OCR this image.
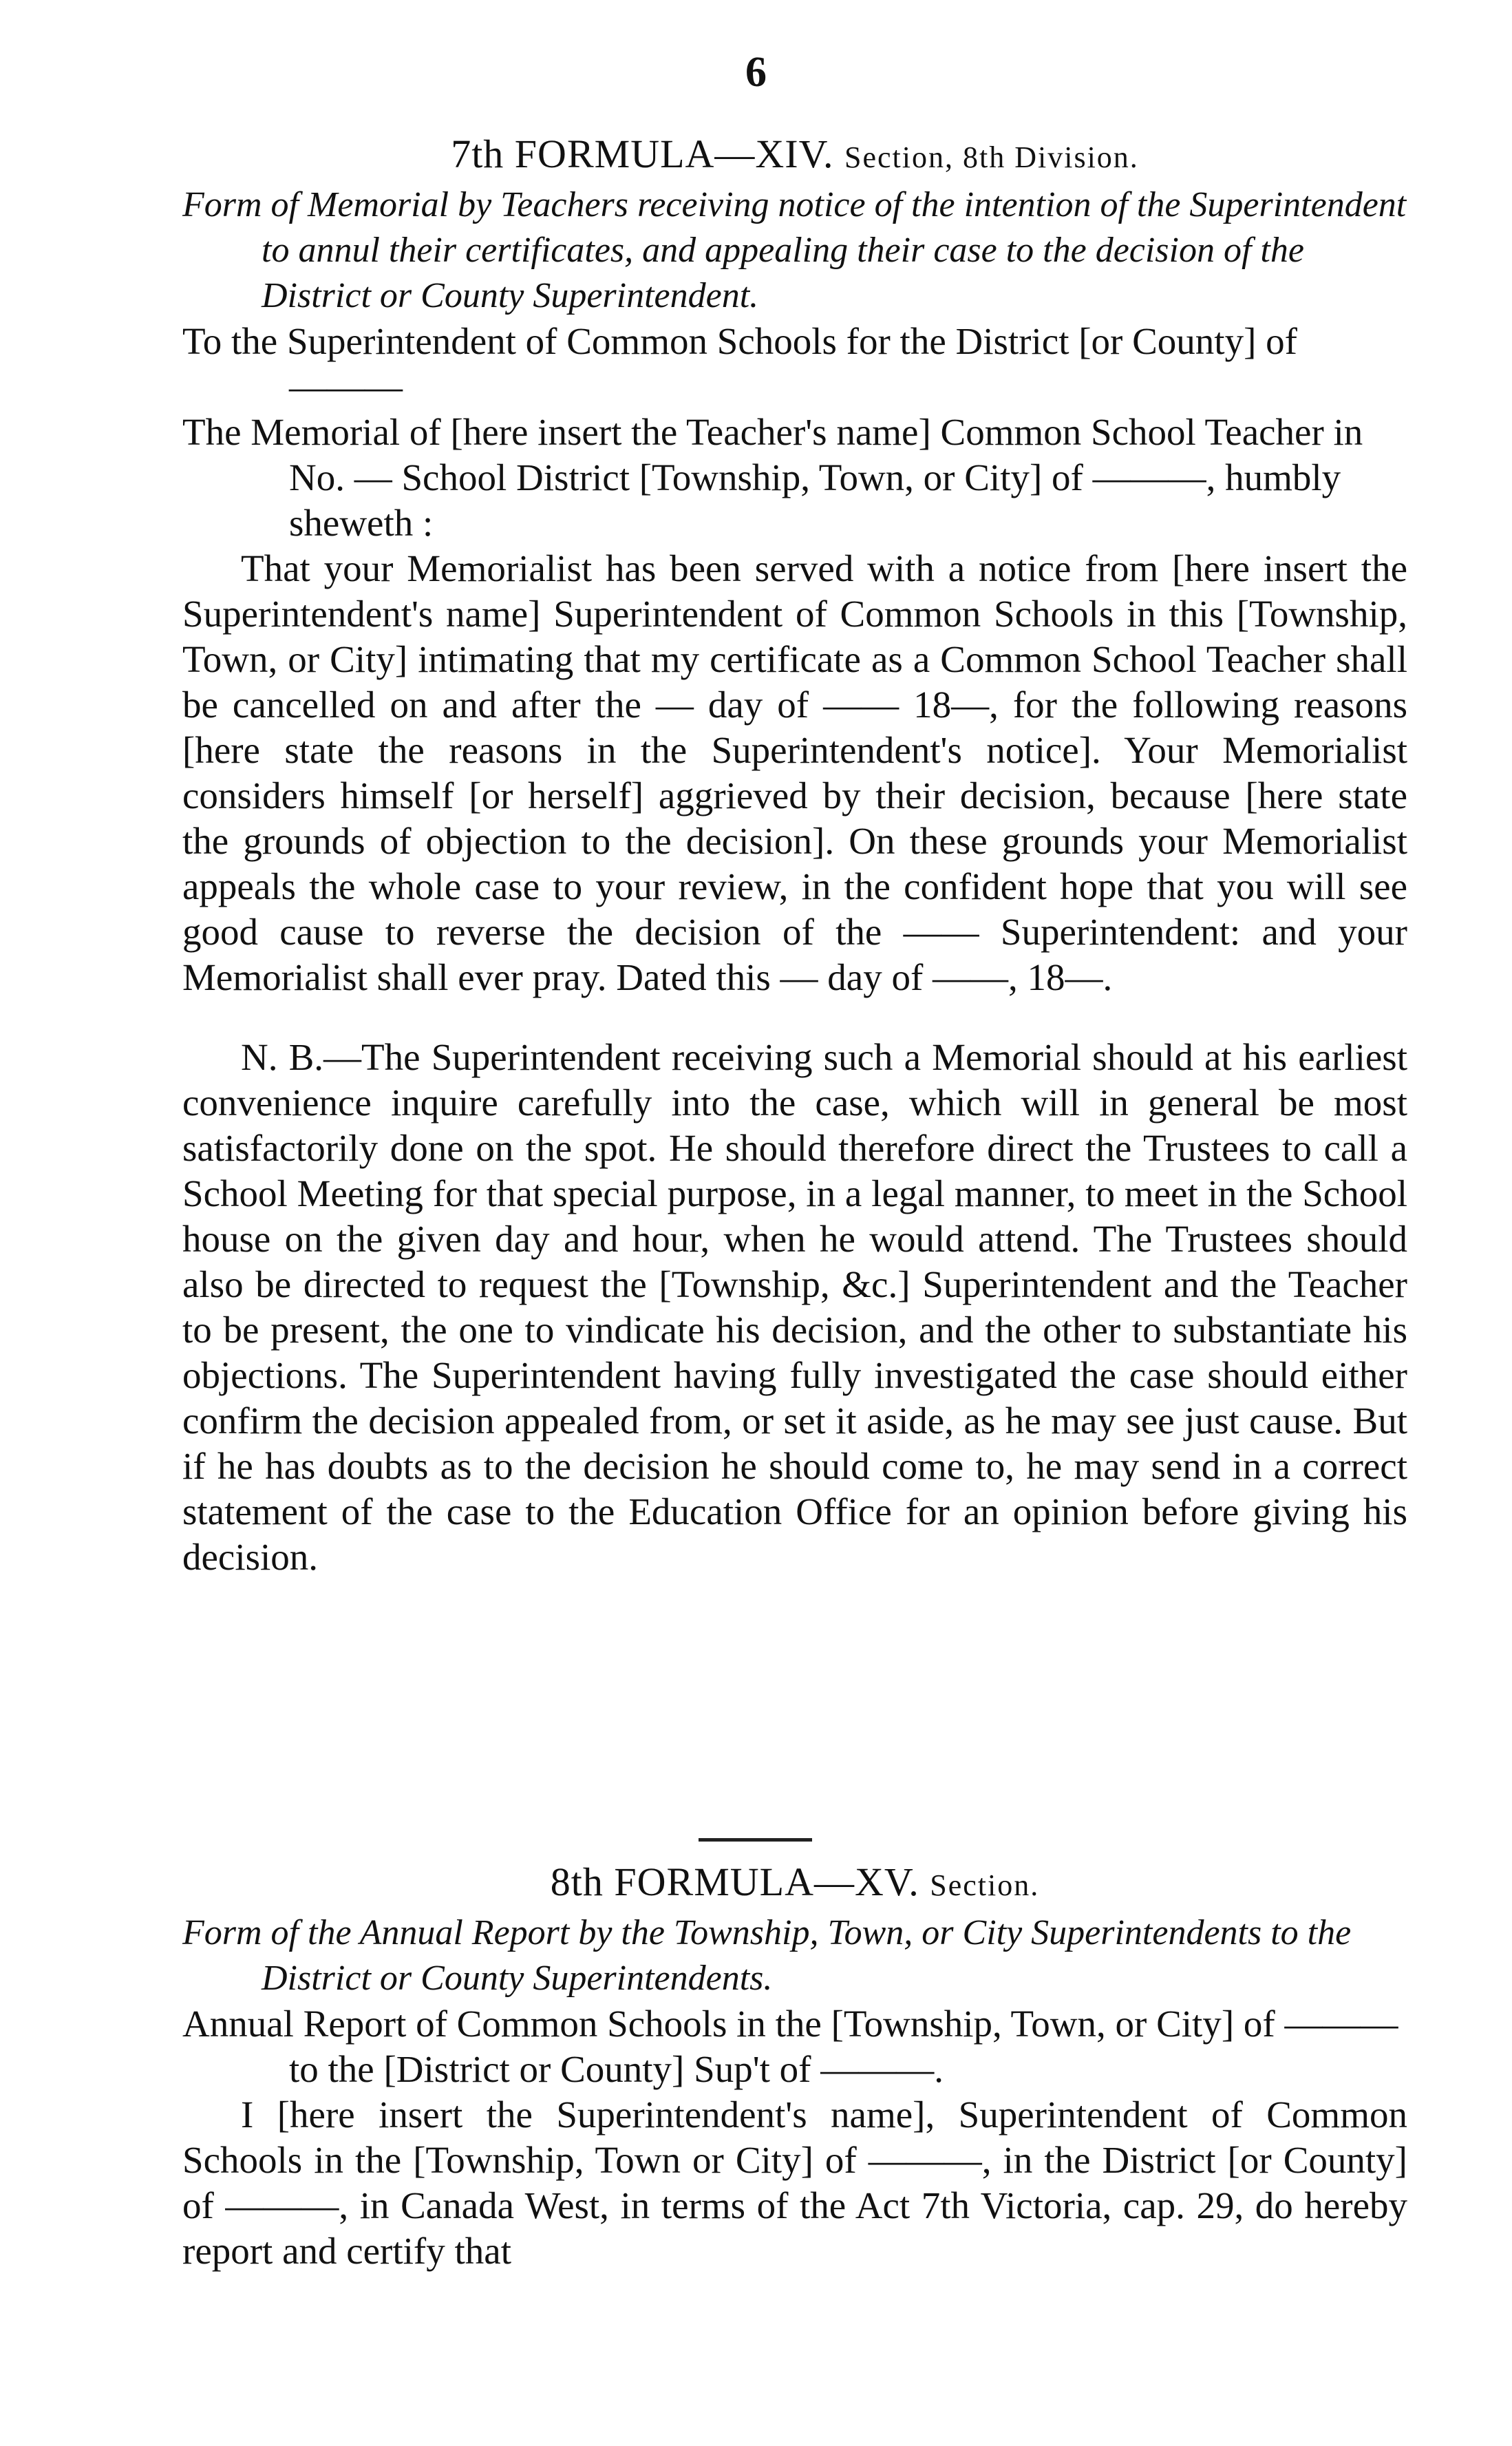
6
7th FORMULA—XIV. Section, 8th Division.
Form of Memorial by Teachers receiving notice of the intention of the Superintendent to annul their certificates, and appealing their case to the decision of the District or County Superintendent.
To the Superintendent of Common Schools for the District [or County] of ———
The Memorial of [here insert the Teacher's name] Common School Teacher in No. — School District [Township, Town, or City] of ———, humbly sheweth :
That your Memorialist has been served with a notice from [here insert the Superintendent's name] Superintendent of Common Schools in this [Township, Town, or City] intimating that my certificate as a Common School Teacher shall be cancelled on and after the — day of —— 18—, for the following reasons [here state the reasons in the Superintendent's notice]. Your Memorialist considers himself [or herself] aggrieved by their decision, because [here state the grounds of objection to the decision]. On these grounds your Memorialist appeals the whole case to your review, in the confident hope that you will see good cause to reverse the decision of the —— Superintendent: and your Memorialist shall ever pray. Dated this — day of ——, 18—.
N. B.—The Superintendent receiving such a Memorial should at his earliest convenience inquire carefully into the case, which will in general be most satisfactorily done on the spot. He should therefore direct the Trustees to call a School Meeting for that special purpose, in a legal manner, to meet in the School house on the given day and hour, when he would attend. The Trustees should also be directed to request the [Township, &c.] Superintendent and the Teacher to be present, the one to vindicate his decision, and the other to substantiate his objections. The Superintendent having fully investigated the case should either confirm the decision appealed from, or set it aside, as he may see just cause. But if he has doubts as to the decision he should come to, he may send in a correct statement of the case to the Education Office for an opinion before giving his decision.
8th FORMULA—XV. Section.
Form of the Annual Report by the Township, Town, or City Superintendents to the District or County Superintendents.
Annual Report of Common Schools in the [Township, Town, or City] of ——— to the [District or County] Sup't of ———.
I [here insert the Superintendent's name], Superintendent of Common Schools in the [Township, Town or City] of ———, in the District [or County] of ———, in Canada West, in terms of the Act 7th Victoria, cap. 29, do hereby report and certify that
